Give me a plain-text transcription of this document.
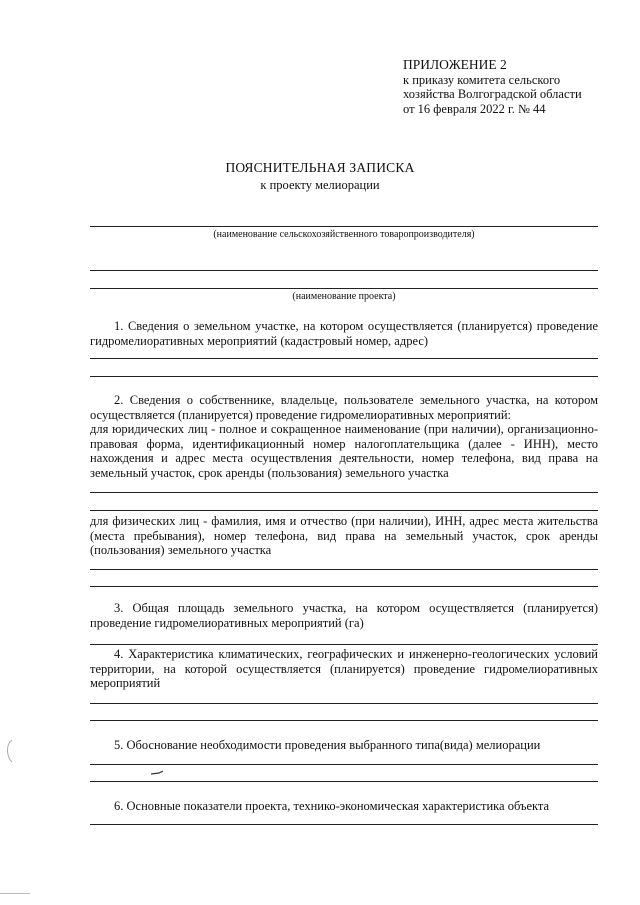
ПРИЛОЖЕНИЕ 2
к приказу комитета сельского
хозяйства Волгоградской области
от 16 февраля 2022 г. № 44
ПОЯСНИТЕЛЬНАЯ ЗАПИСКА
к проекту мелиорации
(наименование сельскохозяйственного товаропроизводителя)
(наименование проекта)

1. Сведения о земельном участке, на котором осуществляется (планируется) проведение гидромелиоративных мероприятий (кадастровый номер, адрес)

2. Сведения о собственнике, владельце, пользователе земельного участка, на котором осуществляется (планируется) проведение гидромелиоративных мероприятий:

для юридических лиц - полное и сокращенное наименование (при наличии), организационно-правовая форма, идентификационный номер налогоплательщика (далее - ИНН), место нахождения и адрес места осуществления деятельности, номер телефона, вид права на земельный участок, срок аренды (пользования) земельного участка

для физических лиц - фамилия, имя и отчество (при наличии), ИНН, адрес места жительства (места пребывания), номер телефона, вид права на земельный участок, срок аренды (пользования) земельного участка

3. Общая площадь земельного участка, на котором осуществляется (планируется) проведение гидромелиоративных мероприятий (га)

4. Характеристика климатических, географических и инженерно-геологических условий территории, на которой осуществляется (планируется) проведение гидромелиоративных мероприятий

5. Обоснование необходимости проведения выбранного типа(вида) мелиорации

6. Основные показатели проекта, технико-экономическая характеристика объекта
